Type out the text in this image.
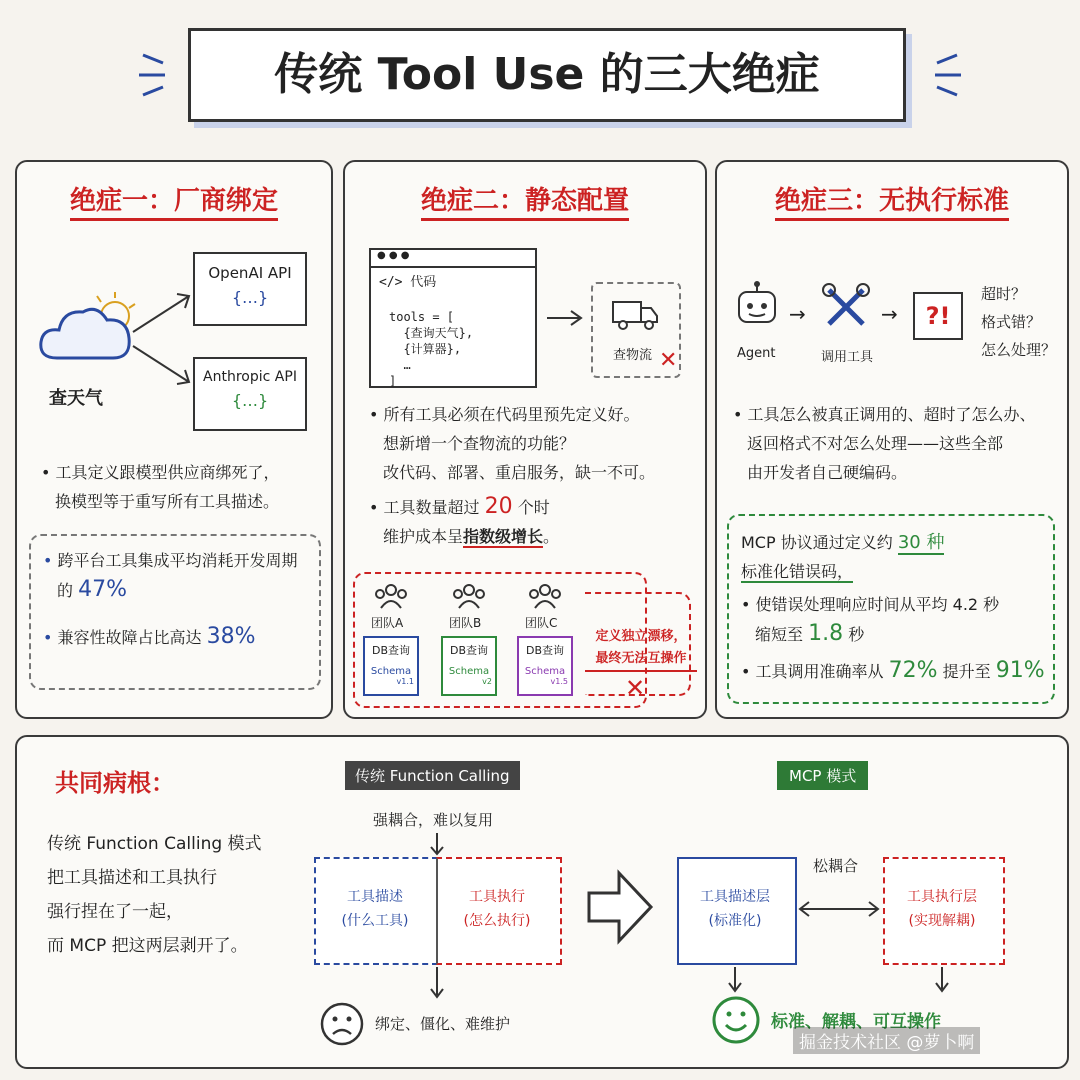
传统 Tool Use 的三大绝症
绝症一：厂商绑定
查天气
OpenAI API
{…}
Anthropic API
{…}
• 工具定义跟模型供应商绑死了，
换模型等于重写所有工具描述。
• 跨平台工具集成平均消耗开发周期
的 47%
• 兼容性故障占比高达 38%
绝症二：静态配置
● ● ●
</> 代码

tools = [
{查询天气},
{计算器},
…
]
查物流 ✕
• 所有工具必须在代码里预先定义好。
想新增一个查物流的功能？
改代码、部署、重启服务，缺一不可。
• 工具数量超过 20 个时
维护成本呈指数级增长。
团队A
DB查询
Schema
v1.1
团队B
DB查询
Schema
v2
团队C
DB查询
Schema
v1.5
定义独立漂移，
最终无法互操作
✕
绝症三：无执行标准
Agent
→
调用工具
→	?!
超时？
格式错？
怎么处理？
• 工具怎么被真正调用的、超时了怎么办、
返回格式不对怎么处理——这些全部
由开发者自己硬编码。
MCP 协议通过定义约 30 种
标准化错误码，
• 使错误处理响应时间从平均 4.2 秒
缩短至 1.8 秒
• 工具调用准确率从 72% 提升至 91%
共同病根：
传统 Function Calling 模式
把工具描述和工具执行
强行捏在了一起，
而 MCP 把这两层剥开了。
传统 Function Calling
强耦合，难以复用
工具描述
(什么工具)
工具执行
(怎么执行)
绑定、僵化、难维护
MCP 模式
松耦合
工具描述层
(标准化)
工具执行层
(实现解耦)
标准、解耦、可互操作
掘金技术社区 @萝卜啊
